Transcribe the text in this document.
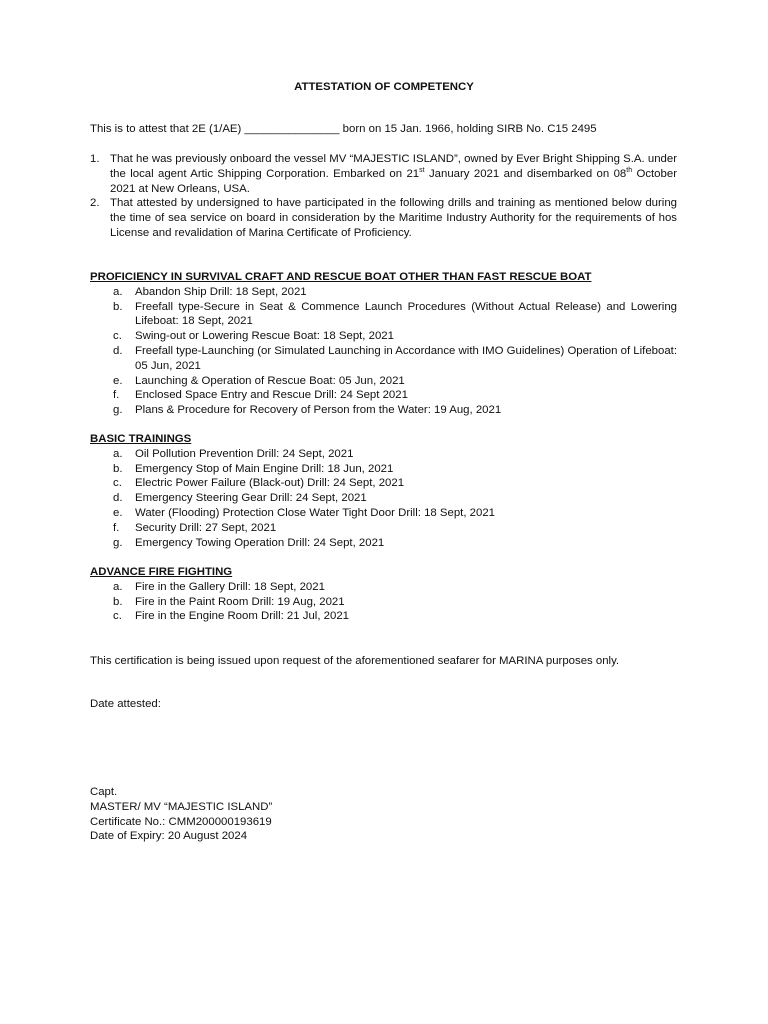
ATTESTATION OF COMPETENCY
This is to attest that 2E (1/AE) _______________ born on 15 Jan. 1966, holding SIRB No. C15 2495
1. That he was previously onboard the vessel MV “MAJESTIC ISLAND”, owned by Ever Bright Shipping S.A. under the local agent Artic Shipping Corporation. Embarked on 21st January 2021 and disembarked on 08th October 2021 at New Orleans, USA.
2. That attested by undersigned to have participated in the following drills and training as mentioned below during the time of sea service on board in consideration by the Maritime Industry Authority for the requirements of hos License and revalidation of Marina Certificate of Proficiency.
PROFICIENCY IN SURVIVAL CRAFT AND RESCUE BOAT OTHER THAN FAST RESCUE BOAT
a. Abandon Ship Drill: 18 Sept, 2021
b. Freefall type-Secure in Seat & Commence Launch Procedures (Without Actual Release) and Lowering Lifeboat: 18 Sept, 2021
c. Swing-out or Lowering Rescue Boat: 18 Sept, 2021
d. Freefall type-Launching (or Simulated Launching in Accordance with IMO Guidelines) Operation of Lifeboat: 05 Jun, 2021
e. Launching & Operation of Rescue Boat: 05 Jun, 2021
f. Enclosed Space Entry and Rescue Drill: 24 Sept 2021
g. Plans & Procedure for Recovery of Person from the Water: 19 Aug, 2021
BASIC TRAININGS
a. Oil Pollution Prevention Drill: 24 Sept, 2021
b. Emergency Stop of Main Engine Drill: 18 Jun, 2021
c. Electric Power Failure (Black-out) Drill: 24 Sept, 2021
d. Emergency Steering Gear Drill: 24 Sept, 2021
e. Water (Flooding) Protection Close Water Tight Door Drill: 18 Sept, 2021
f. Security Drill: 27 Sept, 2021
g. Emergency Towing Operation Drill: 24 Sept, 2021
ADVANCE FIRE FIGHTING
a. Fire in the Gallery Drill: 18 Sept, 2021
b. Fire in the Paint Room Drill: 19 Aug, 2021
c. Fire in the Engine Room Drill: 21 Jul, 2021
This certification is being issued upon request of the aforementioned seafarer for MARINA purposes only.
Date attested:
Capt.
MASTER/ MV “MAJESTIC ISLAND”
Certificate No.: CMM200000193619
Date of Expiry: 20 August 2024
